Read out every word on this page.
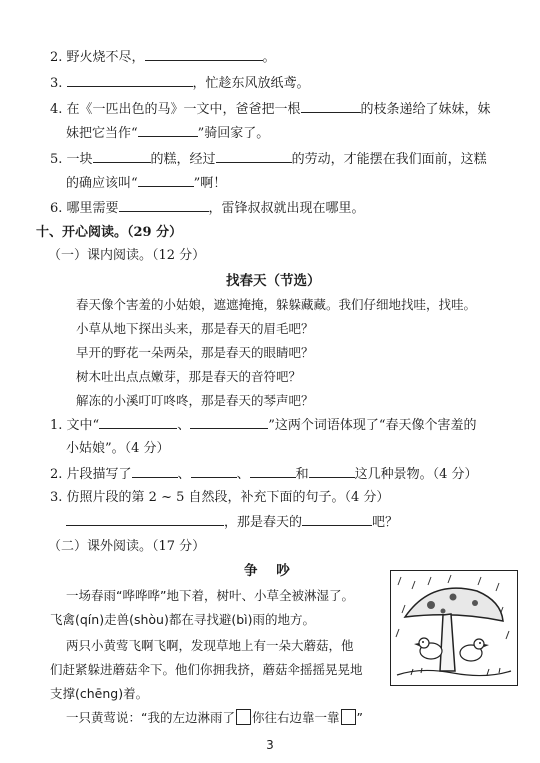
2. 野火烧不尽，	。
3.	，忙趁东风放纸鸢。
4. 在《一匹出色的马》一文中，爸爸把一根	的枝条递给了妹妹，妹
妹把它当作“	”骑回家了。
5. 一块	的糕，经过	的劳动，才能摆在我们面前，这糕
的确应该叫“	”啊！
6. 哪里需要	，雷锋叔叔就出现在哪里。
十、开心阅读。（29 分）
（一）课内阅读。（12 分）
找春天（节选）
春天像个害羞的小姑娘，遮遮掩掩，躲躲藏藏。我们仔细地找哇，找哇。
小草从地下探出头来，那是春天的眉毛吧？
早开的野花一朵两朵，那是春天的眼睛吧？
树木吐出点点嫩芽，那是春天的音符吧？
解冻的小溪叮叮咚咚，那是春天的琴声吧？
1. 文中“	、	”这两个词语体现了“春天像个害羞的
小姑娘”。（4 分）
2. 片段描写了	、	、	和	这几种景物。（4 分）
3. 仿照片段的第 2 ~ 5 自然段，补充下面的句子。（4 分）
，那是春天的	吧？
（二）课外阅读。（17 分）
争    吵
一场春雨“哗哗哗”地下着，树叶、小草全被淋湿了。
飞禽(qín)走兽(shòu)都在寻找避(bì)雨的地方。
两只小黄莺飞啊飞啊，发现草地上有一朵大蘑菇，他
们赶紧躲进蘑菇伞下。他们你拥我挤，蘑菇伞摇摇晃晃地
支撑(chēng)着。
一只黄莺说：“我的左边淋雨了 你往右边靠一靠 ”
3
